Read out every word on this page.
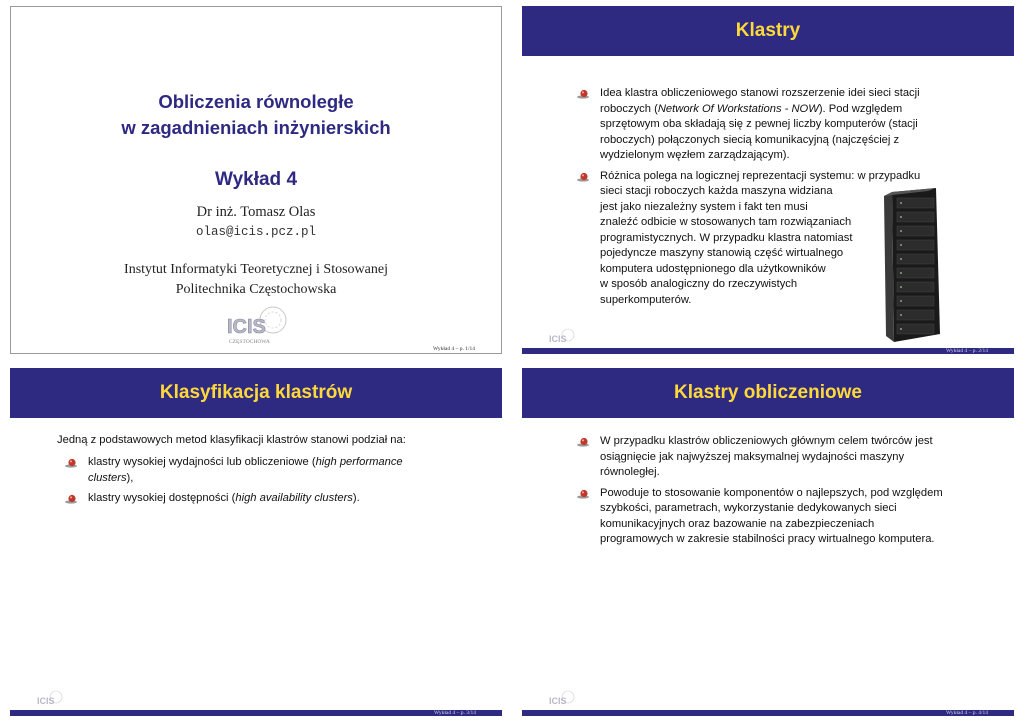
Obliczenia równoległe
w zagadnieniach inżynierskich
Wykład 4
Dr inż. Tomasz Olas
olas@icis.pcz.pl
Instytut Informatyki Teoretycznej i Stosowanej
Politechnika Częstochowska
ICIS
CZĘSTOCHOWA
Wykład 4 – p. 1/14
Klastry
Idea klastra obliczeniowego stanowi rozszerzenie idei sieci stacji
roboczych (Network Of Workstations - NOW). Pod względem
sprzętowym oba składają się z pewnej liczby komputerów (stacji
roboczych) połączonych siecią komunikacyjną (najczęściej z
wydzielonym węzłem zarządzającym).
Różnica polega na logicznej reprezentacji systemu: w przypadku
sieci stacji roboczych każda maszyna widziana
jest jako niezależny system i fakt ten musi
znaleźć odbicie w stosowanych tam rozwiązaniach
programistycznych. W przypadku klastra natomiast
pojedyncze maszyny stanowią część wirtualnego
komputera udostępnionego dla użytkowników
w sposób analogiczny do rzeczywistych
superkomputerów.
ICIS
Wykład 4 – p. 2/14
Klasyfikacja klastrów
Jedną z podstawowych metod klasyfikacji klastrów stanowi podział na:
klastry wysokiej wydajności lub obliczeniowe (high performance
clusters),
klastry wysokiej dostępności (high availability clusters).
ICIS
Wykład 4 – p. 3/14
Klastry obliczeniowe
W przypadku klastrów obliczeniowych głównym celem twórców jest
osiągnięcie jak najwyższej maksymalnej wydajności maszyny
równoległej.
Powoduje to stosowanie komponentów o najlepszych, pod względem
szybkości, parametrach, wykorzystanie dedykowanych sieci
komunikacyjnych oraz bazowanie na zabezpieczeniach
programowych w zakresie stabilności pracy wirtualnego komputera.
ICIS
Wykład 4 – p. 4/14
